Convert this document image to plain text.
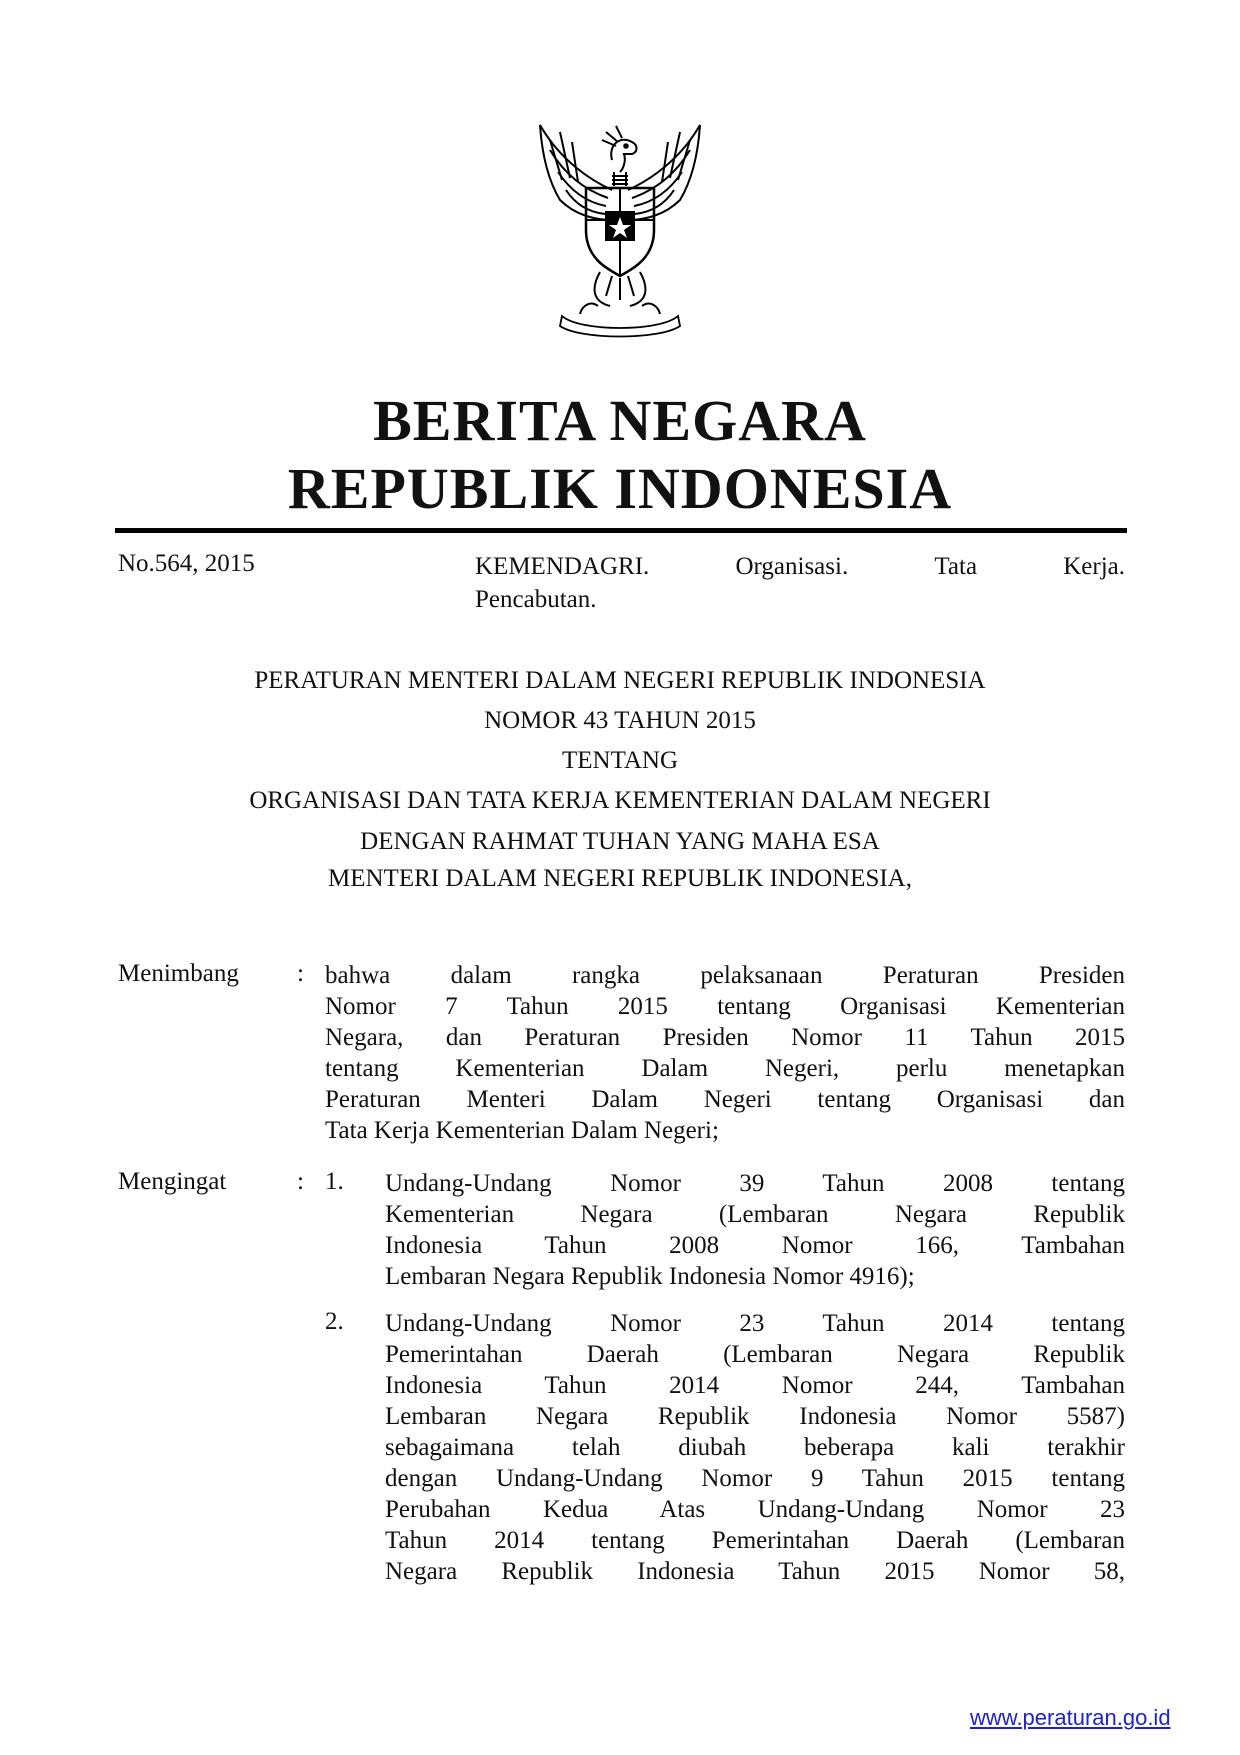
BERITA NEGARA
REPUBLIK INDONESIA
No.564, 2015	KEMENDAGRI.	Organisasi.	Tata	Kerja.
Pencabutan.
PERATURAN MENTERI DALAM NEGERI REPUBLIK INDONESIA
NOMOR 43 TAHUN 2015
TENTANG
ORGANISASI DAN TATA KERJA KEMENTERIAN DALAM NEGERI
DENGAN RAHMAT TUHAN YANG MAHA ESA
MENTERI DALAM NEGERI REPUBLIK INDONESIA,
Menimbang : bahwa dalam rangka pelaksanaan Peraturan Presiden
Nomor 7 Tahun 2015 tentang Organisasi Kementerian
Negara, dan Peraturan Presiden Nomor 11 Tahun 2015
tentang Kementerian Dalam Negeri, perlu menetapkan
Peraturan Menteri Dalam Negeri tentang Organisasi dan
Tata Kerja Kementerian Dalam Negeri;
Mengingat	: 1. Undang-Undang Nomor 39 Tahun 2008 tentang
Kementerian Negara (Lembaran Negara Republik
Indonesia Tahun 2008 Nomor 166, Tambahan
Lembaran Negara Republik Indonesia Nomor 4916);
2. Undang-Undang Nomor 23 Tahun 2014 tentang
Pemerintahan Daerah (Lembaran Negara Republik
Indonesia Tahun 2014 Nomor 244, Tambahan
Lembaran Negara Republik Indonesia Nomor 5587)
sebagaimana telah diubah beberapa kali terakhir
dengan Undang-Undang Nomor 9 Tahun 2015 tentang
Perubahan Kedua Atas Undang-Undang Nomor 23
Tahun 2014 tentang Pemerintahan Daerah (Lembaran
Negara Republik Indonesia Tahun 2015 Nomor 58,
www.peraturan.go.id
